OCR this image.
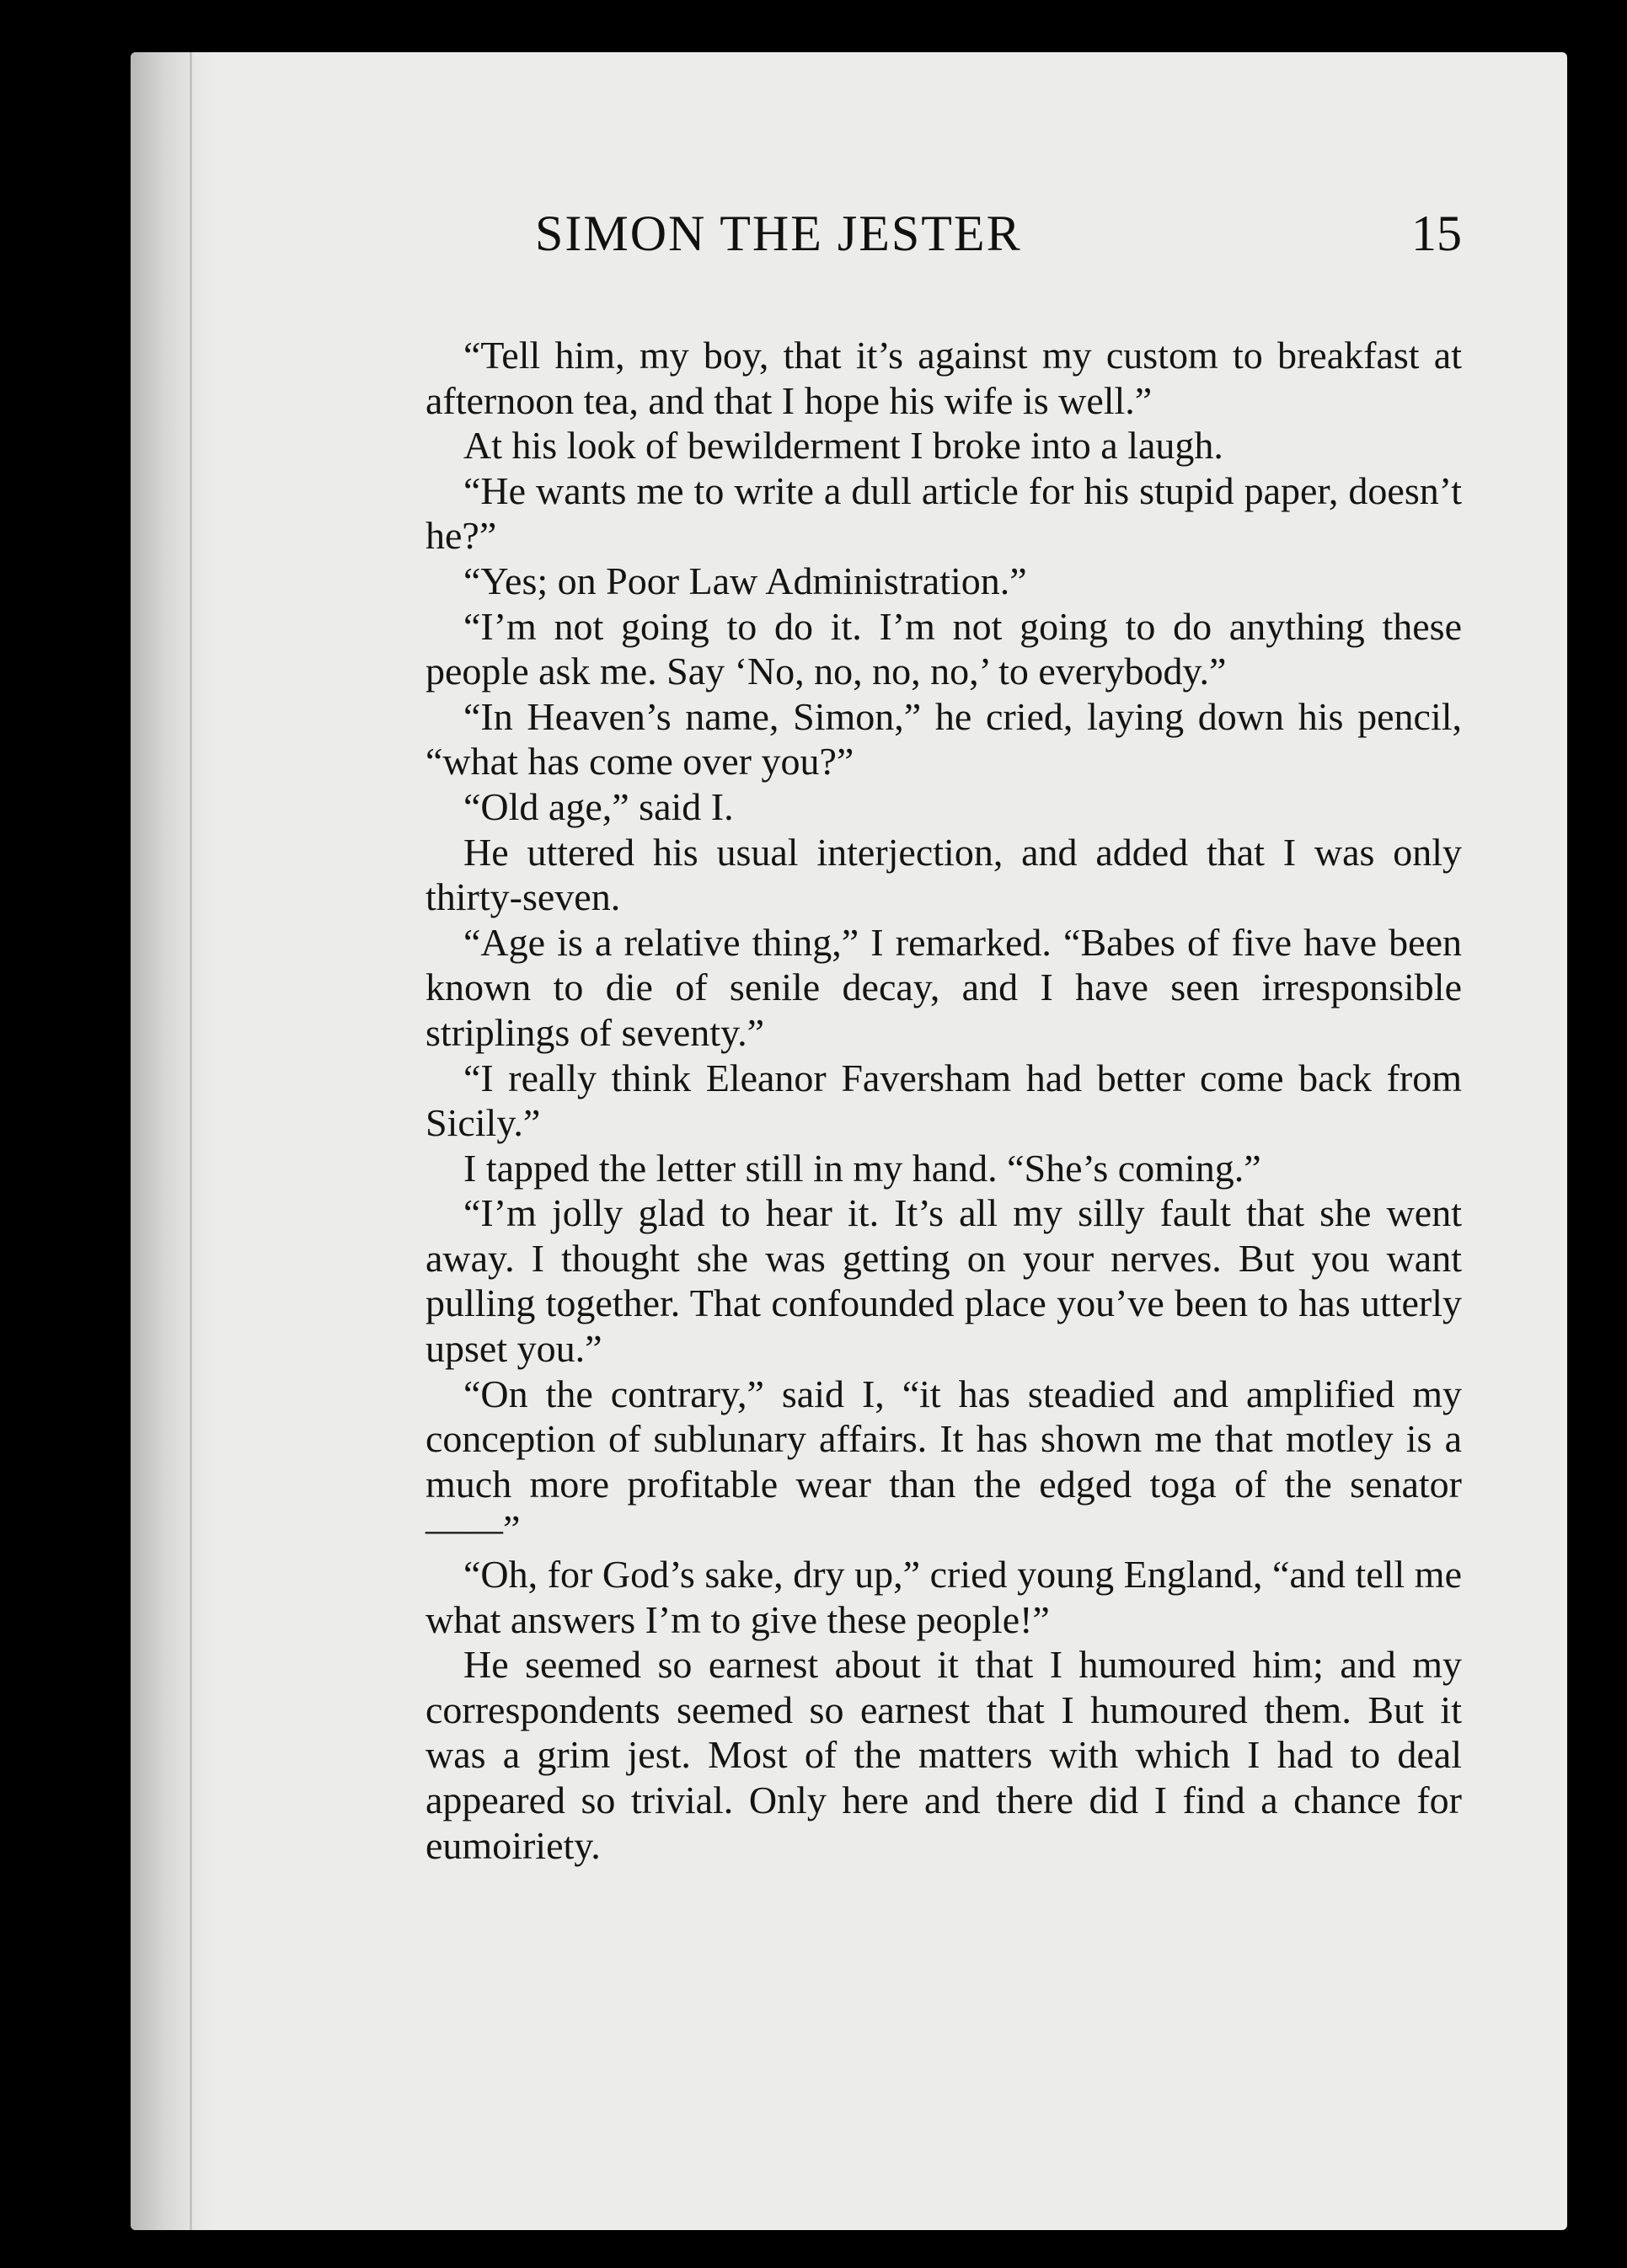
SIMON THE JESTER	15

“Tell him, my boy, that it’s against my custom to breakfast at afternoon tea, and that I hope his wife is well.”

At his look of bewilderment I broke into a laugh.

“He wants me to write a dull article for his stupid paper, doesn’t he?”

“Yes; on Poor Law Administration.”

“I’m not going to do it. I’m not going to do anything these people ask me. Say ‘No, no, no, no,’ to everybody.”

“In Heaven’s name, Simon,” he cried, laying down his pencil, “what has come over you?”

“Old age,” said I.

He uttered his usual interjection, and added that I was only thirty-seven.

“Age is a relative thing,” I remarked. “Babes of five have been known to die of senile decay, and I have seen irresponsible striplings of seventy.”

“I really think Eleanor Faversham had better come back from Sicily.”

I tapped the letter still in my hand. “She’s coming.”

“I’m jolly glad to hear it. It’s all my silly fault that she went away. I thought she was getting on your nerves. But you want pulling together. That confounded place you’ve been to has utterly upset you.”

“On the contrary,” said I, “it has steadied and amplified my conception of sublunary affairs. It has shown me that motley is a much more profitable wear than the edged toga of the senator——”

“Oh, for God’s sake, dry up,” cried young England, “and tell me what answers I’m to give these people!”

He seemed so earnest about it that I humoured him; and my correspondents seemed so earnest that I humoured them. But it was a grim jest. Most of the matters with which I had to deal appeared so trivial. Only here and there did I find a chance for eumoiriety.
